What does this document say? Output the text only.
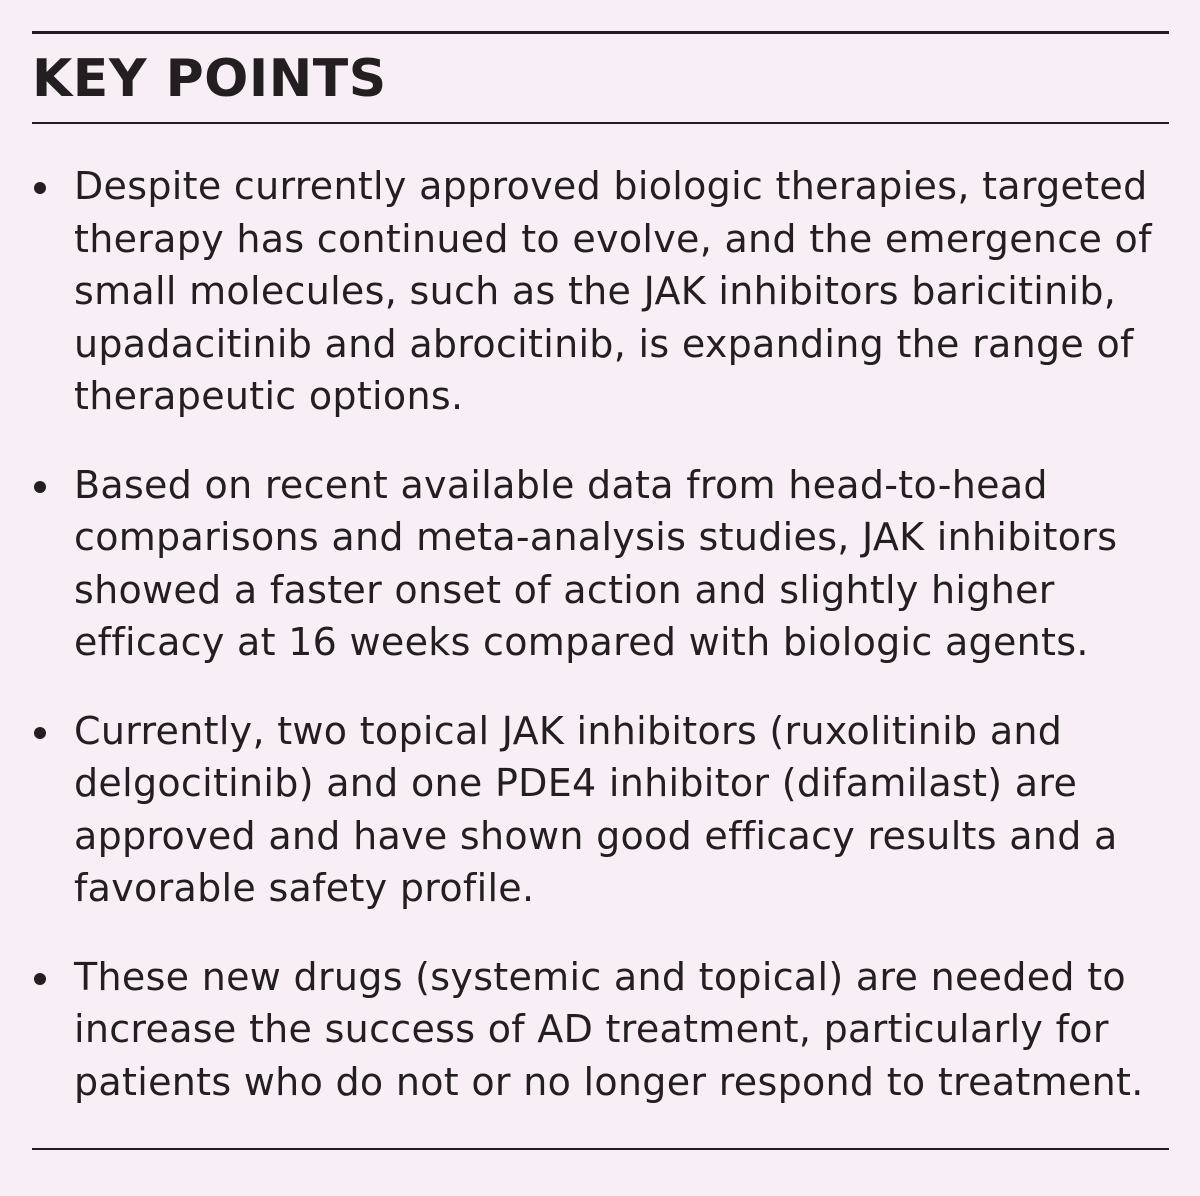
KEY POINTS
Despite currently approved biologic therapies, targeted therapy has continued to evolve, and the emergence of small molecules, such as the JAK inhibitors baricitinib, upadacitinib and abrocitinib, is expanding the range of therapeutic options.
Based on recent available data from head-to-head comparisons and meta-analysis studies, JAK inhibitors showed a faster onset of action and slightly higher efficacy at 16 weeks compared with biologic agents.
Currently, two topical JAK inhibitors (ruxolitinib and delgocitinib) and one PDE4 inhibitor (difamilast) are approved and have shown good efficacy results and a favorable safety profile.
These new drugs (systemic and topical) are needed to increase the success of AD treatment, particularly for patients who do not or no longer respond to treatment.
